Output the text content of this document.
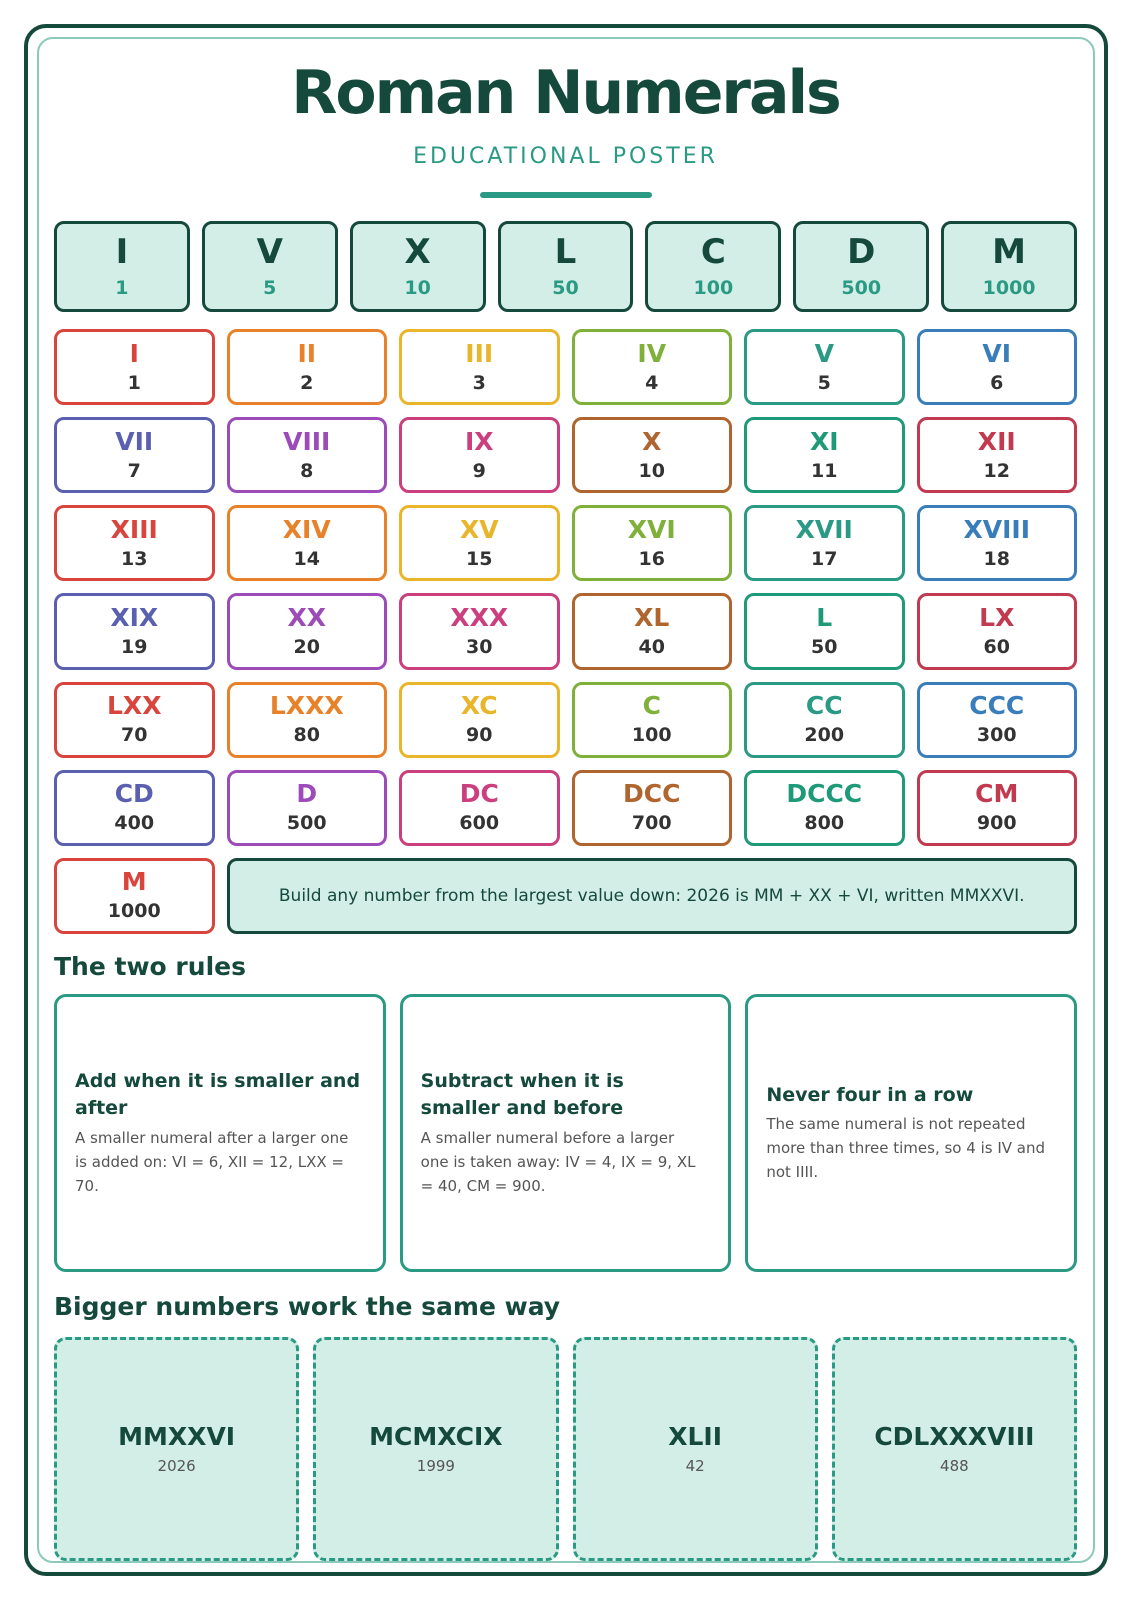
Roman Numerals
EDUCATIONAL POSTER
I
1
V
5
X
10
L
50
C
100
D
500
M
1000
I
1
II
2
III
3
IV
4
V
5
VI
6
VII
7
VIII
8
IX
9
X
10
XI
11
XII
12
XIII
13
XIV
14
XV
15
XVI
16
XVII
17
XVIII
18
XIX
19
XX
20
XXX
30
XL
40
L
50
LX
60
LXX
70
LXXX
80
XC
90
C
100
CC
200
CCC
300
CD
400
D
500
DC
600
DCC
700
DCCC
800
CM
900
M
1000
Build any number from the largest value down: 2026 is MM + XX + VI, written MMXXVI.
The two rules
Add when it is smaller and after
A smaller numeral after a larger one is added on: VI = 6, XII = 12, LXX = 70.
Subtract when it is smaller and before
A smaller numeral before a larger one is taken away: IV = 4, IX = 9, XL = 40, CM = 900.
Never four in a row
The same numeral is not repeated more than three times, so 4 is IV and not IIII.
Bigger numbers work the same way
MMXXVI
2026
MCMXCIX
1999
XLII
42
CDLXXXVIII
488
